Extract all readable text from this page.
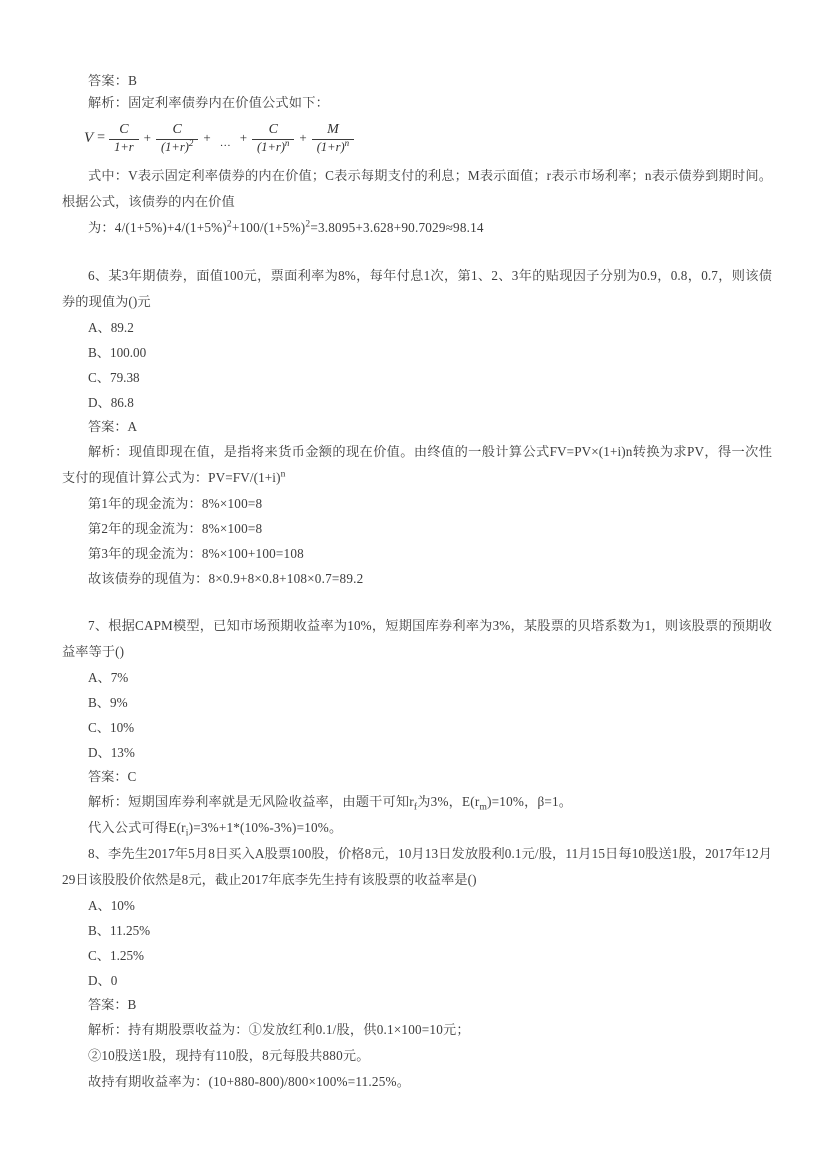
答案：B
解析：固定利率债券内在价值公式如下：
$V = \frac{C}{1+r} + \frac{C}{(1+r)^2}$ + … + $\frac{C}{(1+r)^n} + \frac{M}{(1+r)^n}$
式中：V表示固定利率债券的内在价值；C表示每期支付的利息；M表示面值；r表示市场利率；n表示债券到期时间。根据公式，该债券的内在价值
为：$4/(1+5\%)+4/(1+5\%)^2+100/(1+5\%)^2=3.8095+3.628+90.7029\approx 98.14$
6、某3年期债券，面值100元，票面利率为8%，每年付息1次，第1、2、3年的贴现因子分别为0.9，0.8，0.7，则该债券的现值为()元
A、89.2
B、100.00
C、79.38
D、86.8
答案：A
解析：现值即现在值，是指将来货币金额的现在价值。由终值的一般计算公式FV=PV×(1+i)n转换为求PV，得一次性支付的现值计算公式为：$PV=FV/(1+i)^n$
第1年的现金流为：8%×100=8
第2年的现金流为：8%×100=8
第3年的现金流为：8%×100+100=108
故该债券的现值为：8×0.9+8×0.8+108×0.7=89.2
7、根据CAPM模型，已知市场预期收益率为10%，短期国库券利率为3%，某股票的贝塔系数为1，则该股票的预期收益率等于()
A、7%
B、9%
C、10%
D、13%
答案：C
解析：短期国库券利率就是无风险收益率，由题干可知$r_f$为3%，$E(r_m)=10\%$，β=1。
代入公式可得$E(r_i)=3\%+1*(10\%-3\%)=10\%$。
8、李先生2017年5月8日买入A股票100股，价格8元，10月13日发放股利0.1元/股，11月15日每10股送1股，2017年12月29日该股股价依然是8元，截止2017年底李先生持有该股票的收益率是()
A、10%
B、11.25%
C、1.25%
D、0
答案：B
解析：持有期股票收益为：①发放红利0.1/股，供0.1×100=10元；
②10股送1股，现持有110股，8元每股共880元。
故持有期收益率为：(10+880-800)/800×100%=11.25%。
